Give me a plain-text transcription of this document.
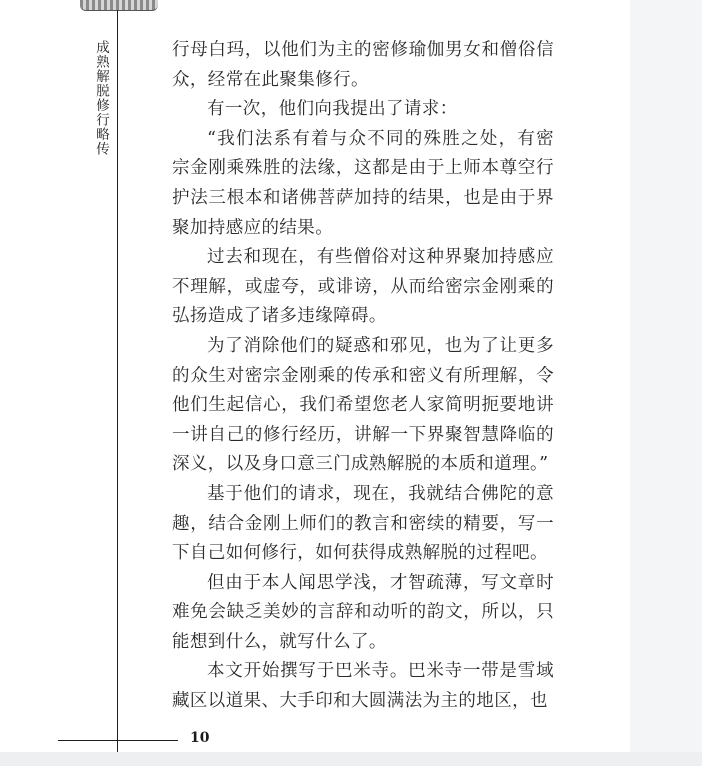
成熟解脱修行略传	行母白玛，以他们为主的密修瑜伽男女和僧俗信众，经常在此聚集修行。

有一次，他们向我提出了请求：

“我们法系有着与众不同的殊胜之处，有密宗金刚乘殊胜的法缘，这都是由于上师本尊空行护法三根本和诸佛菩萨加持的结果，也是由于界聚加持感应的结果。

过去和现在，有些僧俗对这种界聚加持感应不理解，或虚夸，或诽谤，从而给密宗金刚乘的弘扬造成了诸多违缘障碍。

为了消除他们的疑惑和邪见，也为了让更多的众生对密宗金刚乘的传承和密义有所理解，令他们生起信心，我们希望您老人家简明扼要地讲一讲自己的修行经历，讲解一下界聚智慧降临的深义，以及身口意三门成熟解脱的本质和道理。”

基于他们的请求，现在，我就结合佛陀的意趣，结合金刚上师们的教言和密续的精要，写一下自己如何修行，如何获得成熟解脱的过程吧。

但由于本人闻思学浅，才智疏薄，写文章时难免会缺乏美妙的言辞和动听的韵文，所以，只能想到什么，就写什么了。

本文开始撰写于巴米寺。巴米寺一带是雪域藏区以道果、大手印和大圆满法为主的地区，也

10
